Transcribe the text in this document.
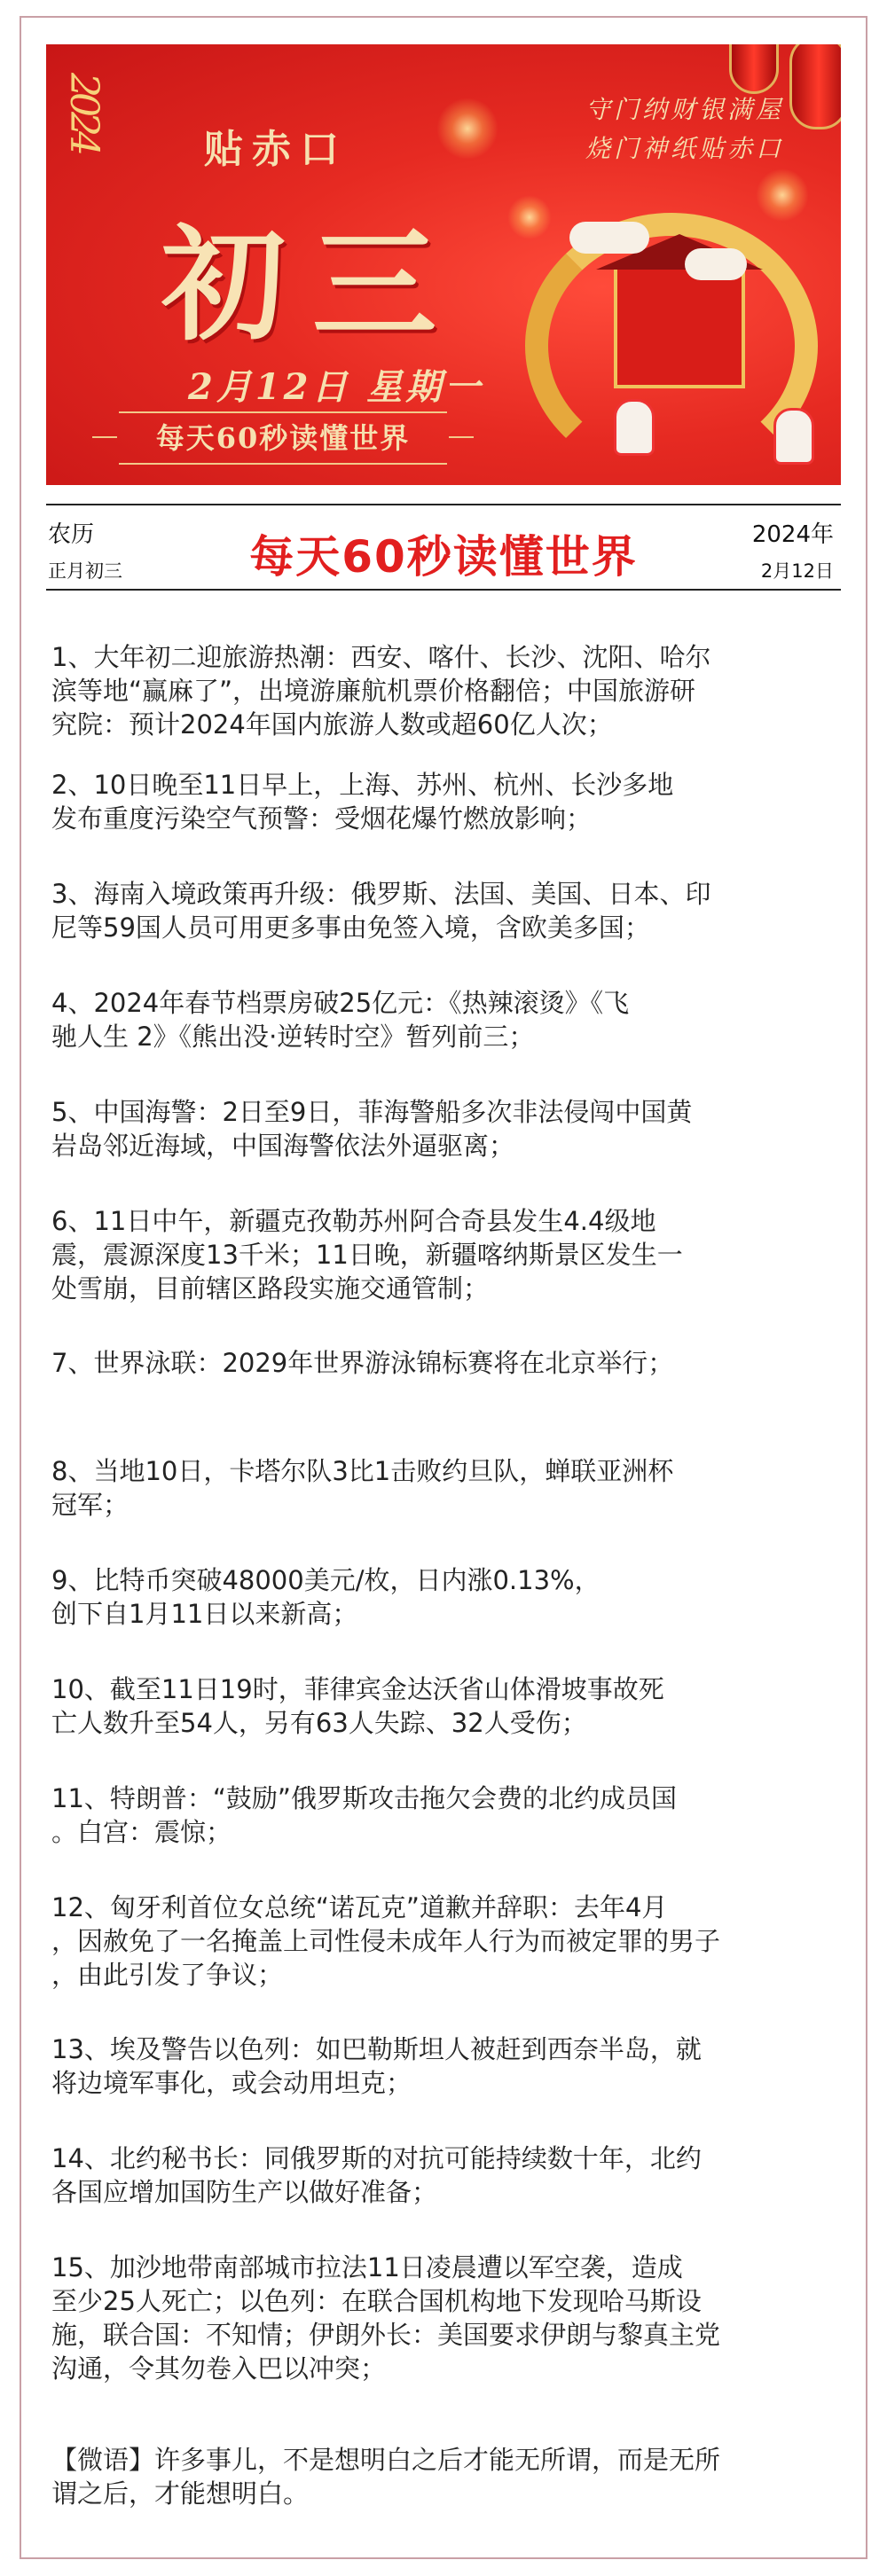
2024	贴赤口
初三
2月12日 星期一
每天60秒读懂世界
守门纳财银满屋
烧门神纸贴赤口
农历
正月初三	每天60秒读懂世界	2024年
2月12日
1、大年初二迎旅游热潮：西安、喀什、长沙、沈阳、哈尔
滨等地“赢麻了”，出境游廉航机票价格翻倍；中国旅游研
究院：预计2024年国内旅游人数或超60亿人次；
2、10日晚至11日早上，上海、苏州、杭州、长沙多地
发布重度污染空气预警：受烟花爆竹燃放影响；
3、海南入境政策再升级：俄罗斯、法国、美国、日本、印
尼等59国人员可用更多事由免签入境，含欧美多国；
4、2024年春节档票房破25亿元：《热辣滚烫》《飞
驰人生 2》《熊出没·逆转时空》暂列前三；
5、中国海警：2日至9日，菲海警船多次非法侵闯中国黄
岩岛邻近海域，中国海警依法外逼驱离；
6、11日中午，新疆克孜勒苏州阿合奇县发生4.4级地
震，震源深度13千米；11日晚，新疆喀纳斯景区发生一
处雪崩，目前辖区路段实施交通管制；
7、世界泳联：2029年世界游泳锦标赛将在北京举行；
8、当地10日，卡塔尔队3比1击败约旦队，蝉联亚洲杯
冠军；
9、比特币突破48000美元/枚，日内涨0.13%，
创下自1月11日以来新高；
10、截至11日19时，菲律宾金达沃省山体滑坡事故死
亡人数升至54人，另有63人失踪、32人受伤；
11、特朗普：“鼓励”俄罗斯攻击拖欠会费的北约成员国
。白宫：震惊；
12、匈牙利首位女总统“诺瓦克”道歉并辞职：去年4月
，因赦免了一名掩盖上司性侵未成年人行为而被定罪的男子
，由此引发了争议；
13、埃及警告以色列：如巴勒斯坦人被赶到西奈半岛，就
将边境军事化，或会动用坦克；
14、北约秘书长：同俄罗斯的对抗可能持续数十年，北约
各国应增加国防生产以做好准备；
15、加沙地带南部城市拉法11日凌晨遭以军空袭，造成
至少25人死亡；以色列：在联合国机构地下发现哈马斯设
施，联合国：不知情；伊朗外长：美国要求伊朗与黎真主党
沟通，令其勿卷入巴以冲突；
【微语】许多事儿，不是想明白之后才能无所谓，而是无所
谓之后，才能想明白。
